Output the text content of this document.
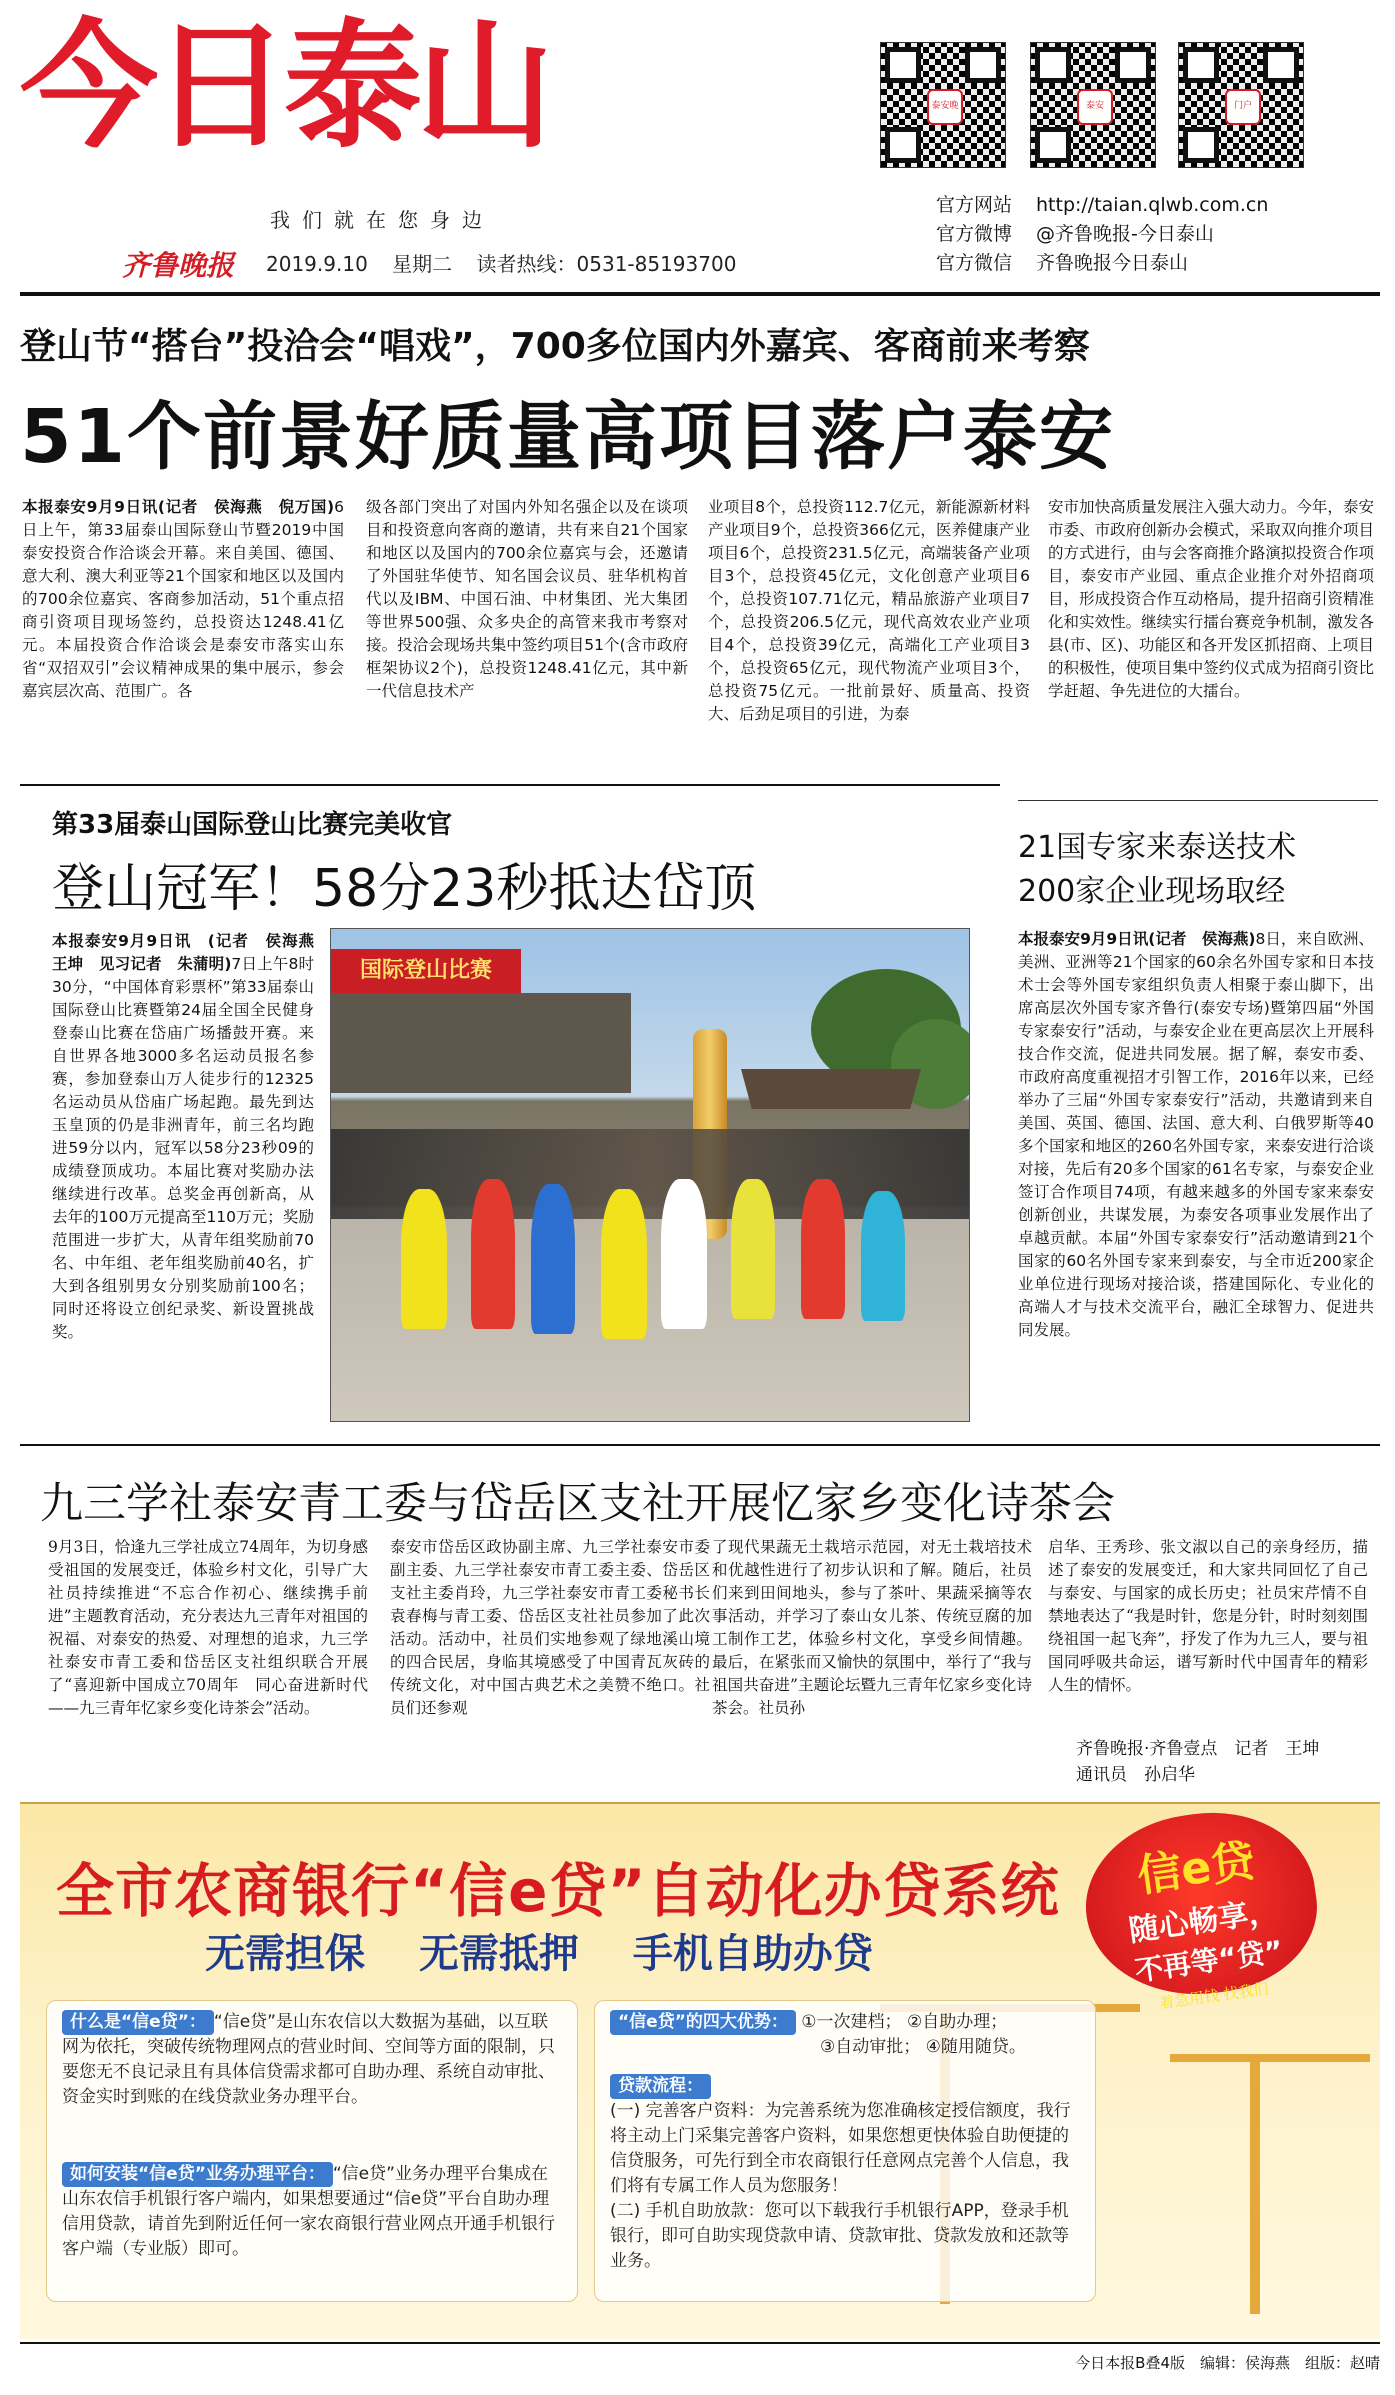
今日泰山
我们就在您身边
齐鲁晚报 2019.9.10 星期二 读者热线：0531-85193700
泰安晚	泰安	门户
官方网站 http://taian.qlwb.com.cn
官方微博 @齐鲁晚报-今日泰山
官方微信 齐鲁晚报今日泰山
登山节“搭台”投洽会“唱戏”，700多位国内外嘉宾、客商前来考察
51个前景好质量高项目落户泰安
本报泰安9月9日讯(记者　侯海燕　倪万国)6日上午，第33届泰山国际登山节暨2019中国泰安投资合作洽谈会开幕。来自美国、德国、意大利、澳大利亚等21个国家和地区以及国内的700余位嘉宾、客商参加活动，51个重点招商引资项目现场签约，总投资达1248.41亿元。本届投资合作洽谈会是泰安市落实山东省“双招双引”会议精神成果的集中展示，参会嘉宾层次高、范围广。各
级各部门突出了对国内外知名强企以及在谈项目和投资意向客商的邀请，共有来自21个国家和地区以及国内的700余位嘉宾与会，还邀请了外国驻华使节、知名国会议员、驻华机构首代以及IBM、中国石油、中材集团、光大集团等世界500强、众多央企的高管来我市考察对接。投洽会现场共集中签约项目51个(含市政府框架协议2个)，总投资1248.41亿元，其中新一代信息技术产
业项目8个，总投资112.7亿元，新能源新材料产业项目9个，总投资366亿元，医养健康产业项目6个，总投资231.5亿元，高端装备产业项目3个，总投资45亿元，文化创意产业项目6个，总投资107.71亿元，精品旅游产业项目7个，总投资206.5亿元，现代高效农业产业项目4个，总投资39亿元，高端化工产业项目3个，总投资65亿元，现代物流产业项目3个，总投资75亿元。一批前景好、质量高、投资大、后劲足项目的引进，为泰
安市加快高质量发展注入强大动力。今年，泰安市委、市政府创新办会模式，采取双向推介项目的方式进行，由与会客商推介路演拟投资合作项目，泰安市产业园、重点企业推介对外招商项目，形成投资合作互动格局，提升招商引资精准化和实效性。继续实行擂台赛竞争机制，激发各县(市、区)、功能区和各开发区抓招商、上项目的积极性，使项目集中签约仪式成为招商引资比学赶超、争先进位的大擂台。
第33届泰山国际登山比赛完美收官
登山冠军！58分23秒抵达岱顶
国际登山比赛
本报泰安9月9日讯　(记者　侯海燕　王坤　见习记者　朱蒲明)7日上午8时30分，“中国体育彩票杯”第33届泰山国际登山比赛暨第24届全国全民健身登泰山比赛在岱庙广场播鼓开赛。来自世界各地3000多名运动员报名参赛，参加登泰山万人徒步行的12325名运动员从岱庙广场起跑。最先到达玉皇顶的仍是非洲青年，前三名均跑进59分以内，冠军以58分23秒09的成绩登顶成功。本届比赛对奖励办法继续进行改革。总奖金再创新高，从去年的100万元提高至110万元；奖励范围进一步扩大，从青年组奖励前70名、中年组、老年组奖励前40名，扩大到各组别男女分别奖励前100名；同时还将设立创纪录奖、新设置挑战奖。
21国专家来泰送技术
200家企业现场取经
本报泰安9月9日讯(记者　侯海燕)8日，来自欧洲、美洲、亚洲等21个国家的60余名外国专家和日本技术士会等外国专家组织负责人相聚于泰山脚下，出席高层次外国专家齐鲁行(泰安专场)暨第四届“外国专家泰安行”活动，与泰安企业在更高层次上开展科技合作交流，促进共同发展。据了解，泰安市委、市政府高度重视招才引智工作，2016年以来，已经举办了三届“外国专家泰安行”活动，共邀请到来自美国、英国、德国、法国、意大利、白俄罗斯等40多个国家和地区的260名外国专家，来泰安进行洽谈对接，先后有20多个国家的61名专家，与泰安企业签订合作项目74项，有越来越多的外国专家来泰安创新创业，共谋发展，为泰安各项事业发展作出了卓越贡献。本届“外国专家泰安行”活动邀请到21个国家的60名外国专家来到泰安，与全市近200家企业单位进行现场对接洽谈，搭建国际化、专业化的高端人才与技术交流平台，融汇全球智力、促进共同发展。
九三学社泰安青工委与岱岳区支社开展忆家乡变化诗茶会
9月3日，恰逢九三学社成立74周年，为切身感受祖国的发展变迁，体验乡村文化，引导广大社员持续推进“不忘合作初心、继续携手前进”主题教育活动，充分表达九三青年对祖国的祝福、对泰安的热爱、对理想的追求，九三学社泰安市青工委和岱岳区支社组织联合开展了“喜迎新中国成立70周年　同心奋进新时代——九三青年忆家乡变化诗茶会”活动。
泰安市岱岳区政协副主席、九三学社泰安市委副主委、九三学社泰安市青工委主委、岱岳区支社主委肖玲，九三学社泰安市青工委秘书长袁春梅与青工委、岱岳区支社社员参加了此次活动。活动中，社员们实地参观了绿地溪山境的四合民居，身临其境感受了中国青瓦灰砖的传统文化，对中国古典艺术之美赞不绝口。社员们还参观
了现代果蔬无土栽培示范园，对无土栽培技术和优越性进行了初步认识和了解。随后，社员们来到田间地头，参与了茶叶、果蔬采摘等农事活动，并学习了泰山女儿茶、传统豆腐的加工制作工艺，体验乡村文化，享受乡间情趣。最后，在紧张而又愉快的氛围中，举行了“我与祖国共奋进”主题论坛暨九三青年忆家乡变化诗茶会。社员孙
启华、王秀珍、张文淑以自己的亲身经历，描述了泰安的发展变迁，和大家共同回忆了自己与泰安、与国家的成长历史；社员宋芹情不自禁地表达了“我是时针，您是分针，时时刻刻围绕祖国一起飞奔”，抒发了作为九三人，要与祖国同呼吸共命运，谱写新时代中国青年的精彩人生的情怀。
齐鲁晚报·齐鲁壹点　记者　王坤
通讯员　孙启华
全市农商银行“信e贷”自动化办贷系统
无需担保 无需抵押 手机自助办贷
信e贷
随心畅享，
不再等“贷”
着急用钱 找我们
什么是“信e贷”： “信e贷”是山东农信以大数据为基础，以互联网为依托，突破传统物理网点的营业时间、空间等方面的限制，只要您无不良记录且有具体信贷需求都可自助办理、系统自动审批、资金实时到账的在线贷款业务办理平台。
如何安装“信e贷”业务办理平台： “信e贷”业务办理平台集成在山东农信手机银行客户端内，如果想要通过“信e贷”平台自助办理信用贷款，请首先到附近任何一家农商银行营业网点开通手机银行客户端（专业版）即可。
“信e贷”的四大优势： ①一次建档； ②自助办理；
③自动审批； ④随用随贷。
贷款流程：
(一) 完善客户资料：为完善系统为您准确核定授信额度，我行将主动上门采集完善客户资料，如果您想更快体验自助便捷的信贷服务，可先行到全市农商银行任意网点完善个人信息，我们将有专属工作人员为您服务！
(二) 手机自助放款：您可以下载我行手机银行APP，登录手机银行，即可自助实现贷款申请、贷款审批、贷款发放和还款等业务。
今日本报B叠4版　编辑：侯海燕　组版：赵晴
